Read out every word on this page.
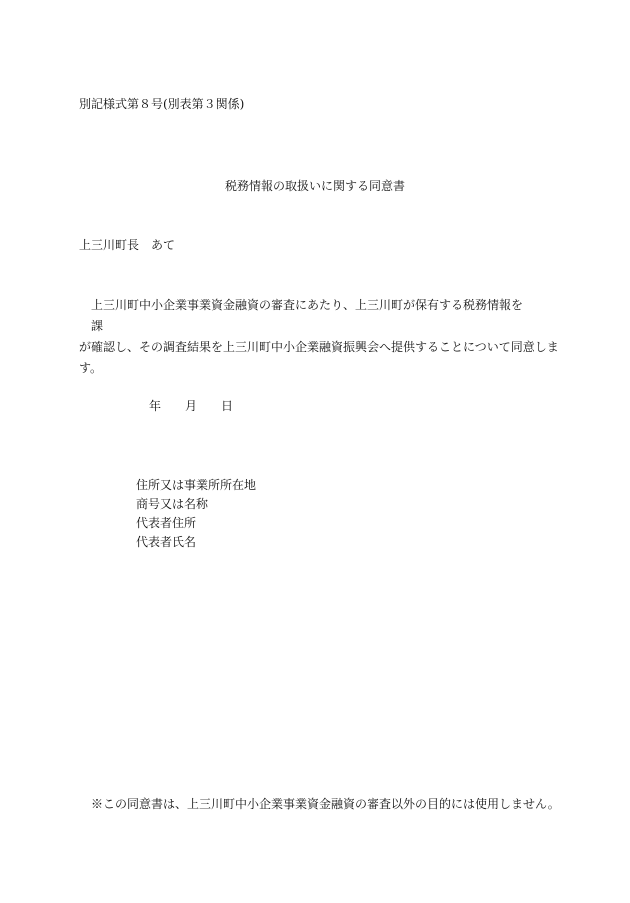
別記様式第８号(別表第３関係)
税務情報の取扱いに関する同意書
上三川町長　あて
上三川町中小企業事業資金融資の審査にあたり、上三川町が保有する税務情報を
課
が確認し、その調査結果を上三川町中小企業融資振興会へ提供することについて同意しま
す。
年 月 日
住所又は事業所所在地
商号又は名称
代表者住所
代表者氏名
※この同意書は、上三川町中小企業事業資金融資の審査以外の目的には使用しません。
